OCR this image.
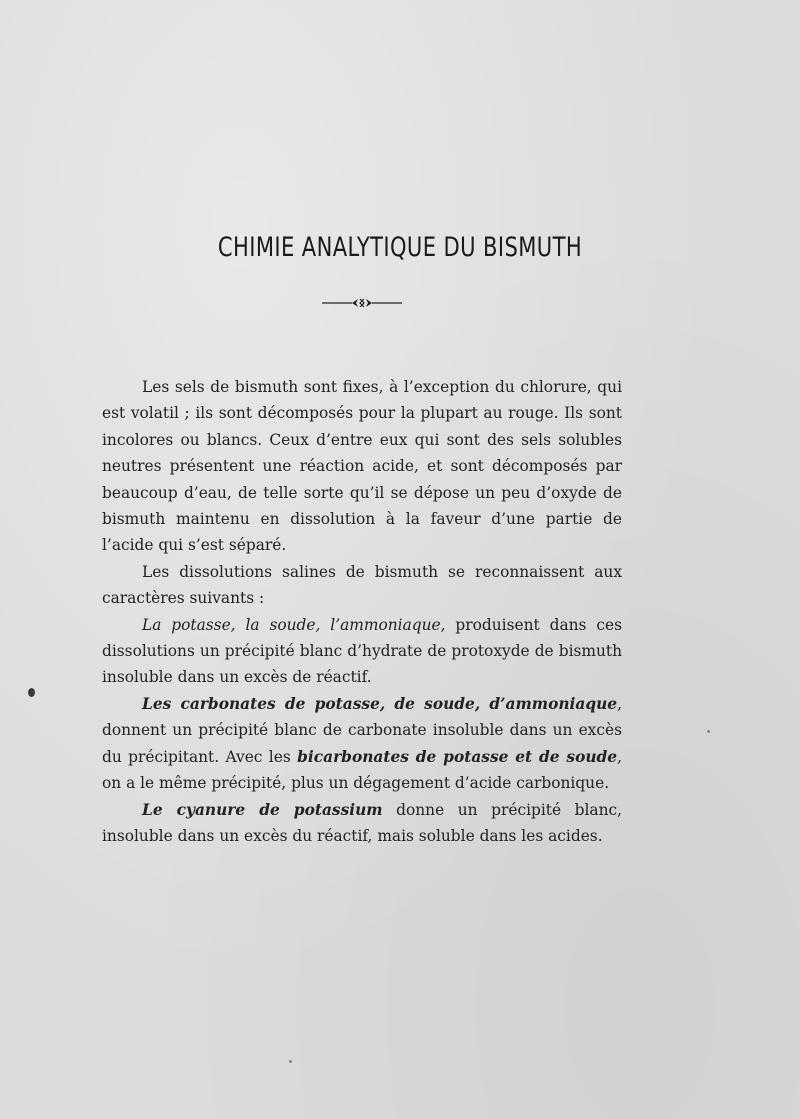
CHIMIE ANALYTIQUE DU BISMUTH

Les sels de bismuth sont fixes, à l’exception du chlorure, qui est volatil ; ils sont décomposés pour la plupart au rouge. Ils sont incolores ou blancs. Ceux d’entre eux qui sont des sels solubles neutres présentent une réaction acide, et sont décomposés par beaucoup d’eau, de telle sorte qu’il se dépose un peu d’oxyde de bismuth maintenu en dissolution à la faveur d’une partie de l’acide qui s’est séparé.

Les dissolutions salines de bismuth se reconnaissent aux caractères suivants :

La potasse, la soude, l’ammoniaque, produisent dans ces dissolutions un précipité blanc d’hydrate de protoxyde de bismuth insoluble dans un excès de réactif.

Les carbonates de potasse, de soude, d’ammoniaque, donnent un précipité blanc de carbonate insoluble dans un excès du précipitant. Avec les bicarbonates de potasse et de soude, on a le même précipité, plus un dégagement d’acide carbonique.

Le cyanure de potassium donne un précipité blanc, insoluble dans un excès du réactif, mais soluble dans les acides.
